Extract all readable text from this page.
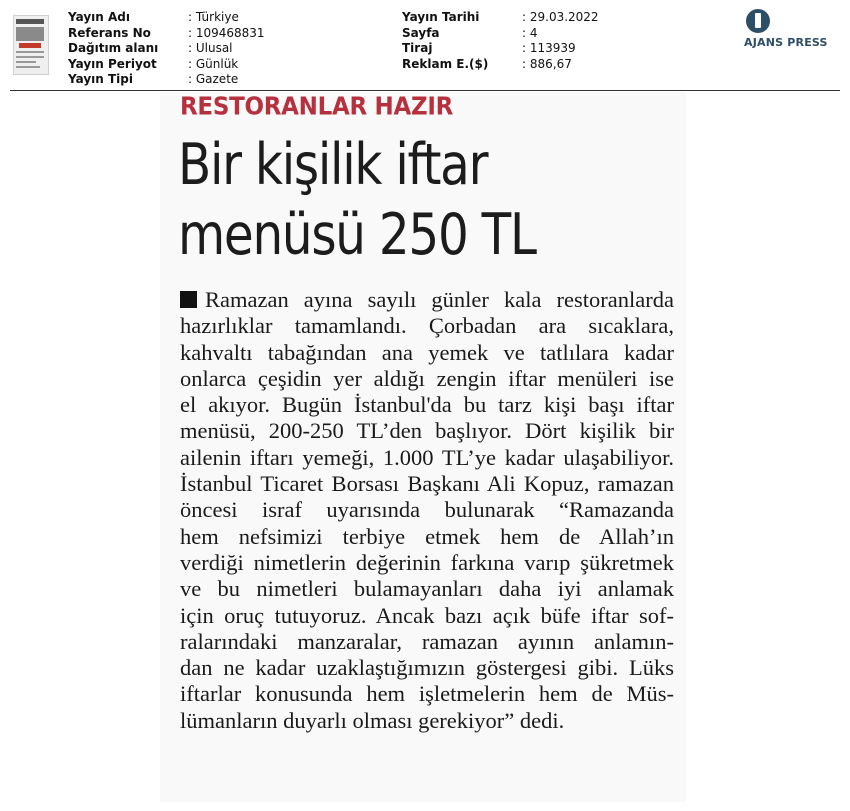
Yayın Adı	: Türkiye
Referans No	: 109468831
Dağıtım alanı : Ulusal
Yayın Periyot	: Günlük
Yayın Tipi	: Gazete
Yayın Tarihi	: 29.03.2022
Sayfa	: 4
Tiraj	: 113939
Reklam E.($)	: 886,67
AJANS PRESS
RESTORANLAR HAZIR
Bir kişilik iftar
menüsü 250 TL
Ramazan ayına sayılı günler kala restoranlarda
hazırlıklar tamamlandı. Çorbadan ara sıcaklara,
kahvaltı tabağından ana yemek ve tatlılara kadar
onlarca çeşidin yer aldığı zengin iftar menüleri ise
el akıyor. Bugün İstanbul'da bu tarz kişi başı iftar
menüsü, 200-250 TL’den başlıyor. Dört kişilik bir
ailenin iftarı yemeği, 1.000 TL’ye kadar ulaşabiliyor.
İstanbul Ticaret Borsası Başkanı Ali Kopuz, ramazan
öncesi israf uyarısında bulunarak “Ramazanda
hem nefsimizi terbiye etmek hem de Allah’ın
verdiği nimetlerin değerinin farkına varıp şükretmek
ve bu nimetleri bulamayanları daha iyi anlamak
için oruç tutuyoruz. Ancak bazı açık büfe iftar sof-
ralarındaki manzaralar, ramazan ayının anlamın-
dan ne kadar uzaklaştığımızın göstergesi gibi. Lüks
iftarlar konusunda hem işletmelerin hem de Müs-
lümanların duyarlı olması gerekiyor” dedi.
